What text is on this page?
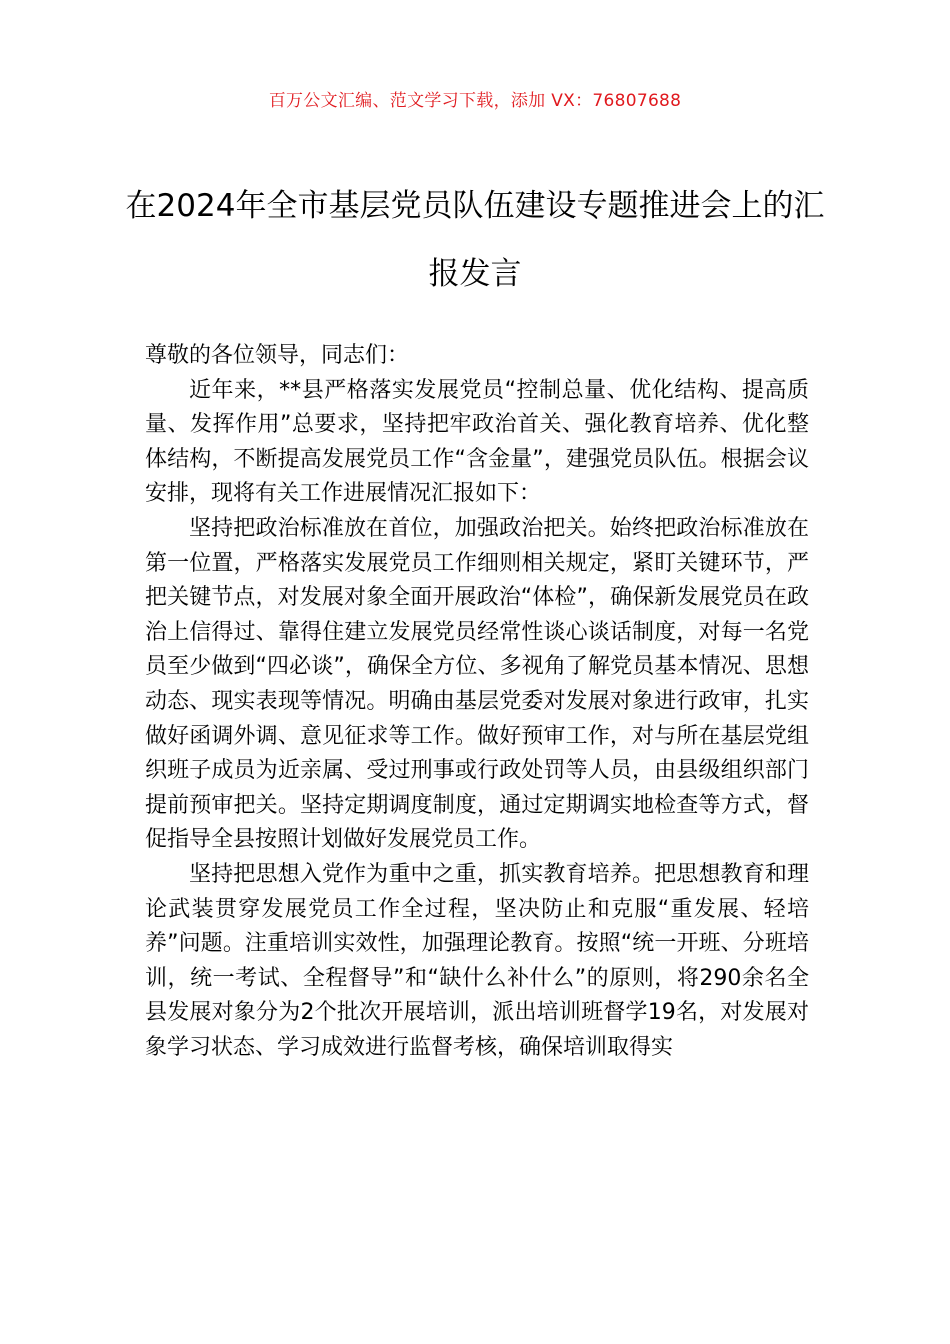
百万公文汇编、范文学习下载，添加 VX：76807688
在2024年全市基层党员队伍建设专题推进会上的汇报发言

尊敬的各位领导，同志们：

近年来，**县严格落实发展党员“控制总量、优化结构、提高质量、发挥作用”总要求，坚持把牢政治首关、强化教育培养、优化整体结构，不断提高发展党员工作“含金量”，建强党员队伍。根据会议安排，现将有关工作进展情况汇报如下：

坚持把政治标准放在首位，加强政治把关。始终把政治标准放在第一位置，严格落实发展党员工作细则相关规定，紧盯关键环节，严把关键节点，对发展对象全面开展政治“体检”，确保新发展党员在政治上信得过、靠得住建立发展党员经常性谈心谈话制度，对每一名党员至少做到“四必谈”，确保全方位、多视角了解党员基本情况、思想动态、现实表现等情况。明确由基层党委对发展对象进行政审，扎实做好函调外调、意见征求等工作。做好预审工作，对与所在基层党组织班子成员为近亲属、受过刑事或行政处罚等人员，由县级组织部门提前预审把关。坚持定期调度制度，通过定期调实地检查等方式，督促指导全县按照计划做好发展党员工作。

坚持把思想入党作为重中之重，抓实教育培养。把思想教育和理论武装贯穿发展党员工作全过程，坚决防止和克服“重发展、轻培养”问题。注重培训实效性，加强理论教育。按照“统一开班、分班培训，统一考试、全程督导”和“缺什么补什么”的原则，将290余名全县发展对象分为2个批次开展培训，派出培训班督学19名，对发展对象学习状态、学习成效进行监督考核，确保培训取得实
